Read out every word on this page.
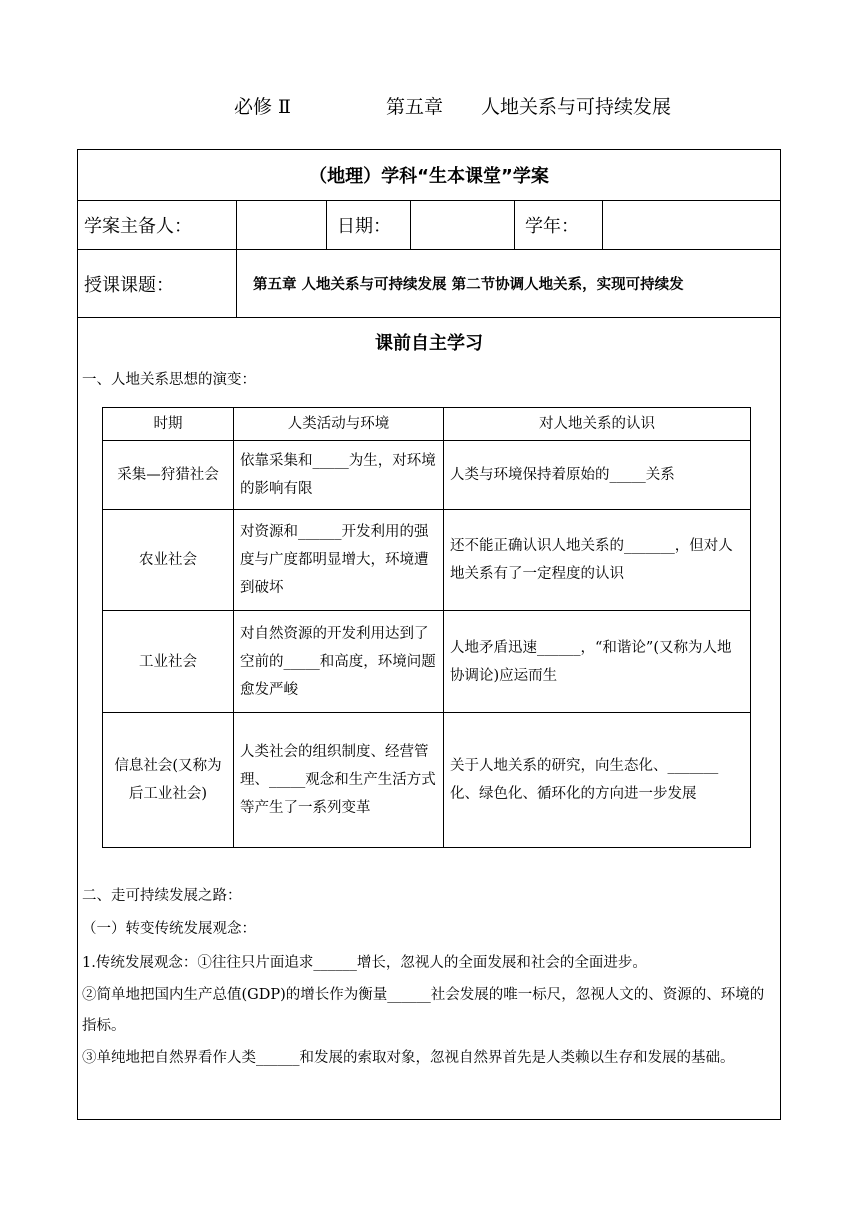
必修 Ⅱ	第五章 人地关系与可持续发展
（地理）学科“生本课堂”学案
学案主备人：	日期：	学年：
授课课题：	第五章 人地关系与可持续发展 第二节协调人地关系，实现可持续发
课前自主学习
一、人地关系思想的演变：
时期	人类活动与环境	对人地关系的认识
采集—狩猎社会	依靠采集和_____为生，对环境的影响有限	人类与环境保持着原始的_____关系
农业社会	对资源和______开发利用的强度与广度都明显增大，环境遭到破坏	还不能正确认识人地关系的_______，但对人地关系有了一定程度的认识
工业社会	对自然资源的开发利用达到了空前的_____和高度，环境问题愈发严峻	人地矛盾迅速______，“和谐论”(又称为人地协调论)应运而生
信息社会(又称为后工业社会)	人类社会的组织制度、经营管理、_____观念和生产生活方式等产生了一系列变革	关于人地关系的研究，向生态化、_______化、绿色化、循环化的方向进一步发展
二、走可持续发展之路：
（一）转变传统发展观念：
1.传统发展观念：①往往只片面追求______增长，忽视人的全面发展和社会的全面进步。
②简单地把国内生产总值(GDP)的增长作为衡量______社会发展的唯一标尺，忽视人文的、资源的、环境的指标。
③单纯地把自然界看作人类______和发展的索取对象，忽视自然界首先是人类赖以生存和发展的基础。
